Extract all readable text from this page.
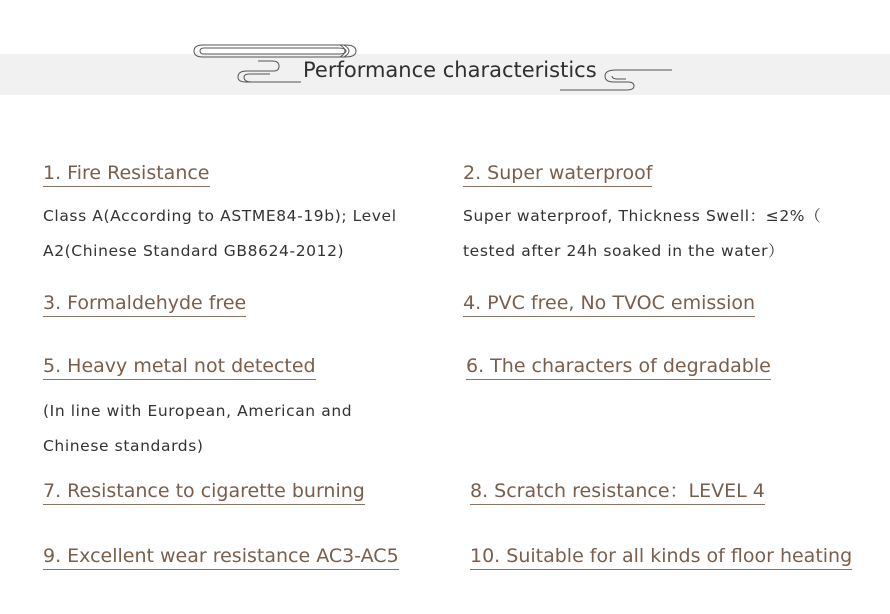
Performance characteristics
1. Fire Resistance
Class A(According to ASTME84-19b); Level
A2(Chinese Standard GB8624-2012)
2. Super waterproof
Super waterproof, Thickness Swell：≤2%（
tested after 24h soaked in the water）
3. Formaldehyde free	4. PVC free, No TVOC emission
5. Heavy metal not detected
(In line with European, American and
Chinese standards)
6. The characters of degradable
7. Resistance to cigarette burning	8. Scratch resistance：LEVEL 4
9. Excellent wear resistance AC3-AC5	10. Suitable for all kinds of floor heating
